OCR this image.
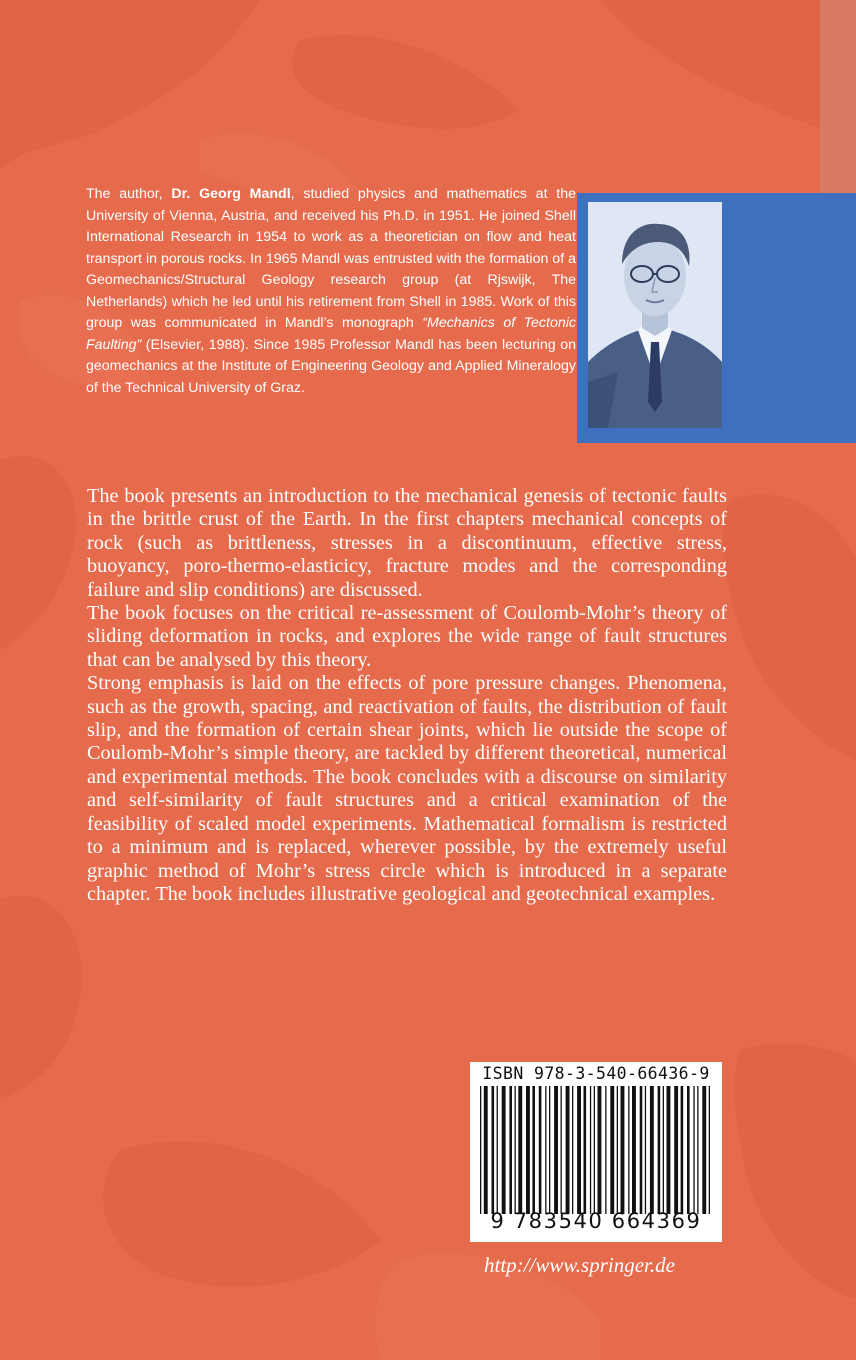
The author, Dr. Georg Mandl, studied physics and mathematics at the University of Vienna, Austria, and received his Ph.D. in 1951. He joined Shell International Research in 1954 to work as a theoretician on flow and heat transport in porous rocks. In 1965 Mandl was entrusted with the formation of a Geomechanics/Structural Geology research group (at Rjswijk, The Netherlands) which he led until his retirement from Shell in 1985. Work of this group was communicated in Mandl’s monograph “Mechanics of Tectonic Faulting” (Elsevier, 1988). Since 1985 Professor Mandl has been lecturing on geomechanics at the Institute of Engineering Geology and Applied Mineralogy of the Technical University of Graz.

The book presents an introduction to the mechanical genesis of tectonic faults in the brittle crust of the Earth. In the first chapters mechanical concepts of rock (such as brittleness, stresses in a discontinuum, effective stress, buoyancy, poro-thermo-elasticicy, fracture modes and the corresponding failure and slip conditions) are discussed.

The book focuses on the critical re-assessment of Coulomb-Mohr’s theory of sliding deformation in rocks, and explores the wide range of fault structures that can be analysed by this theory.

Strong emphasis is laid on the effects of pore pressure changes. Phenomena, such as the growth, spacing, and reactivation of faults, the distribution of fault slip, and the formation of certain shear joints, which lie outside the scope of Coulomb-Mohr’s simple theory, are tackled by different theoretical, numerical and experimental methods. The book concludes with a discourse on similarity and self-similarity of fault structures and a critical examination of the feasibility of scaled model experiments. Mathematical formalism is restricted to a minimum and is replaced, wherever possible, by the extremely useful graphic method of Mohr’s stress circle which is introduced in a separate chapter. The book includes illustrative geological and geotechnical examples.

ISBN 978-3-540-66436-9
9 783540 664369
http://www.springer.de
